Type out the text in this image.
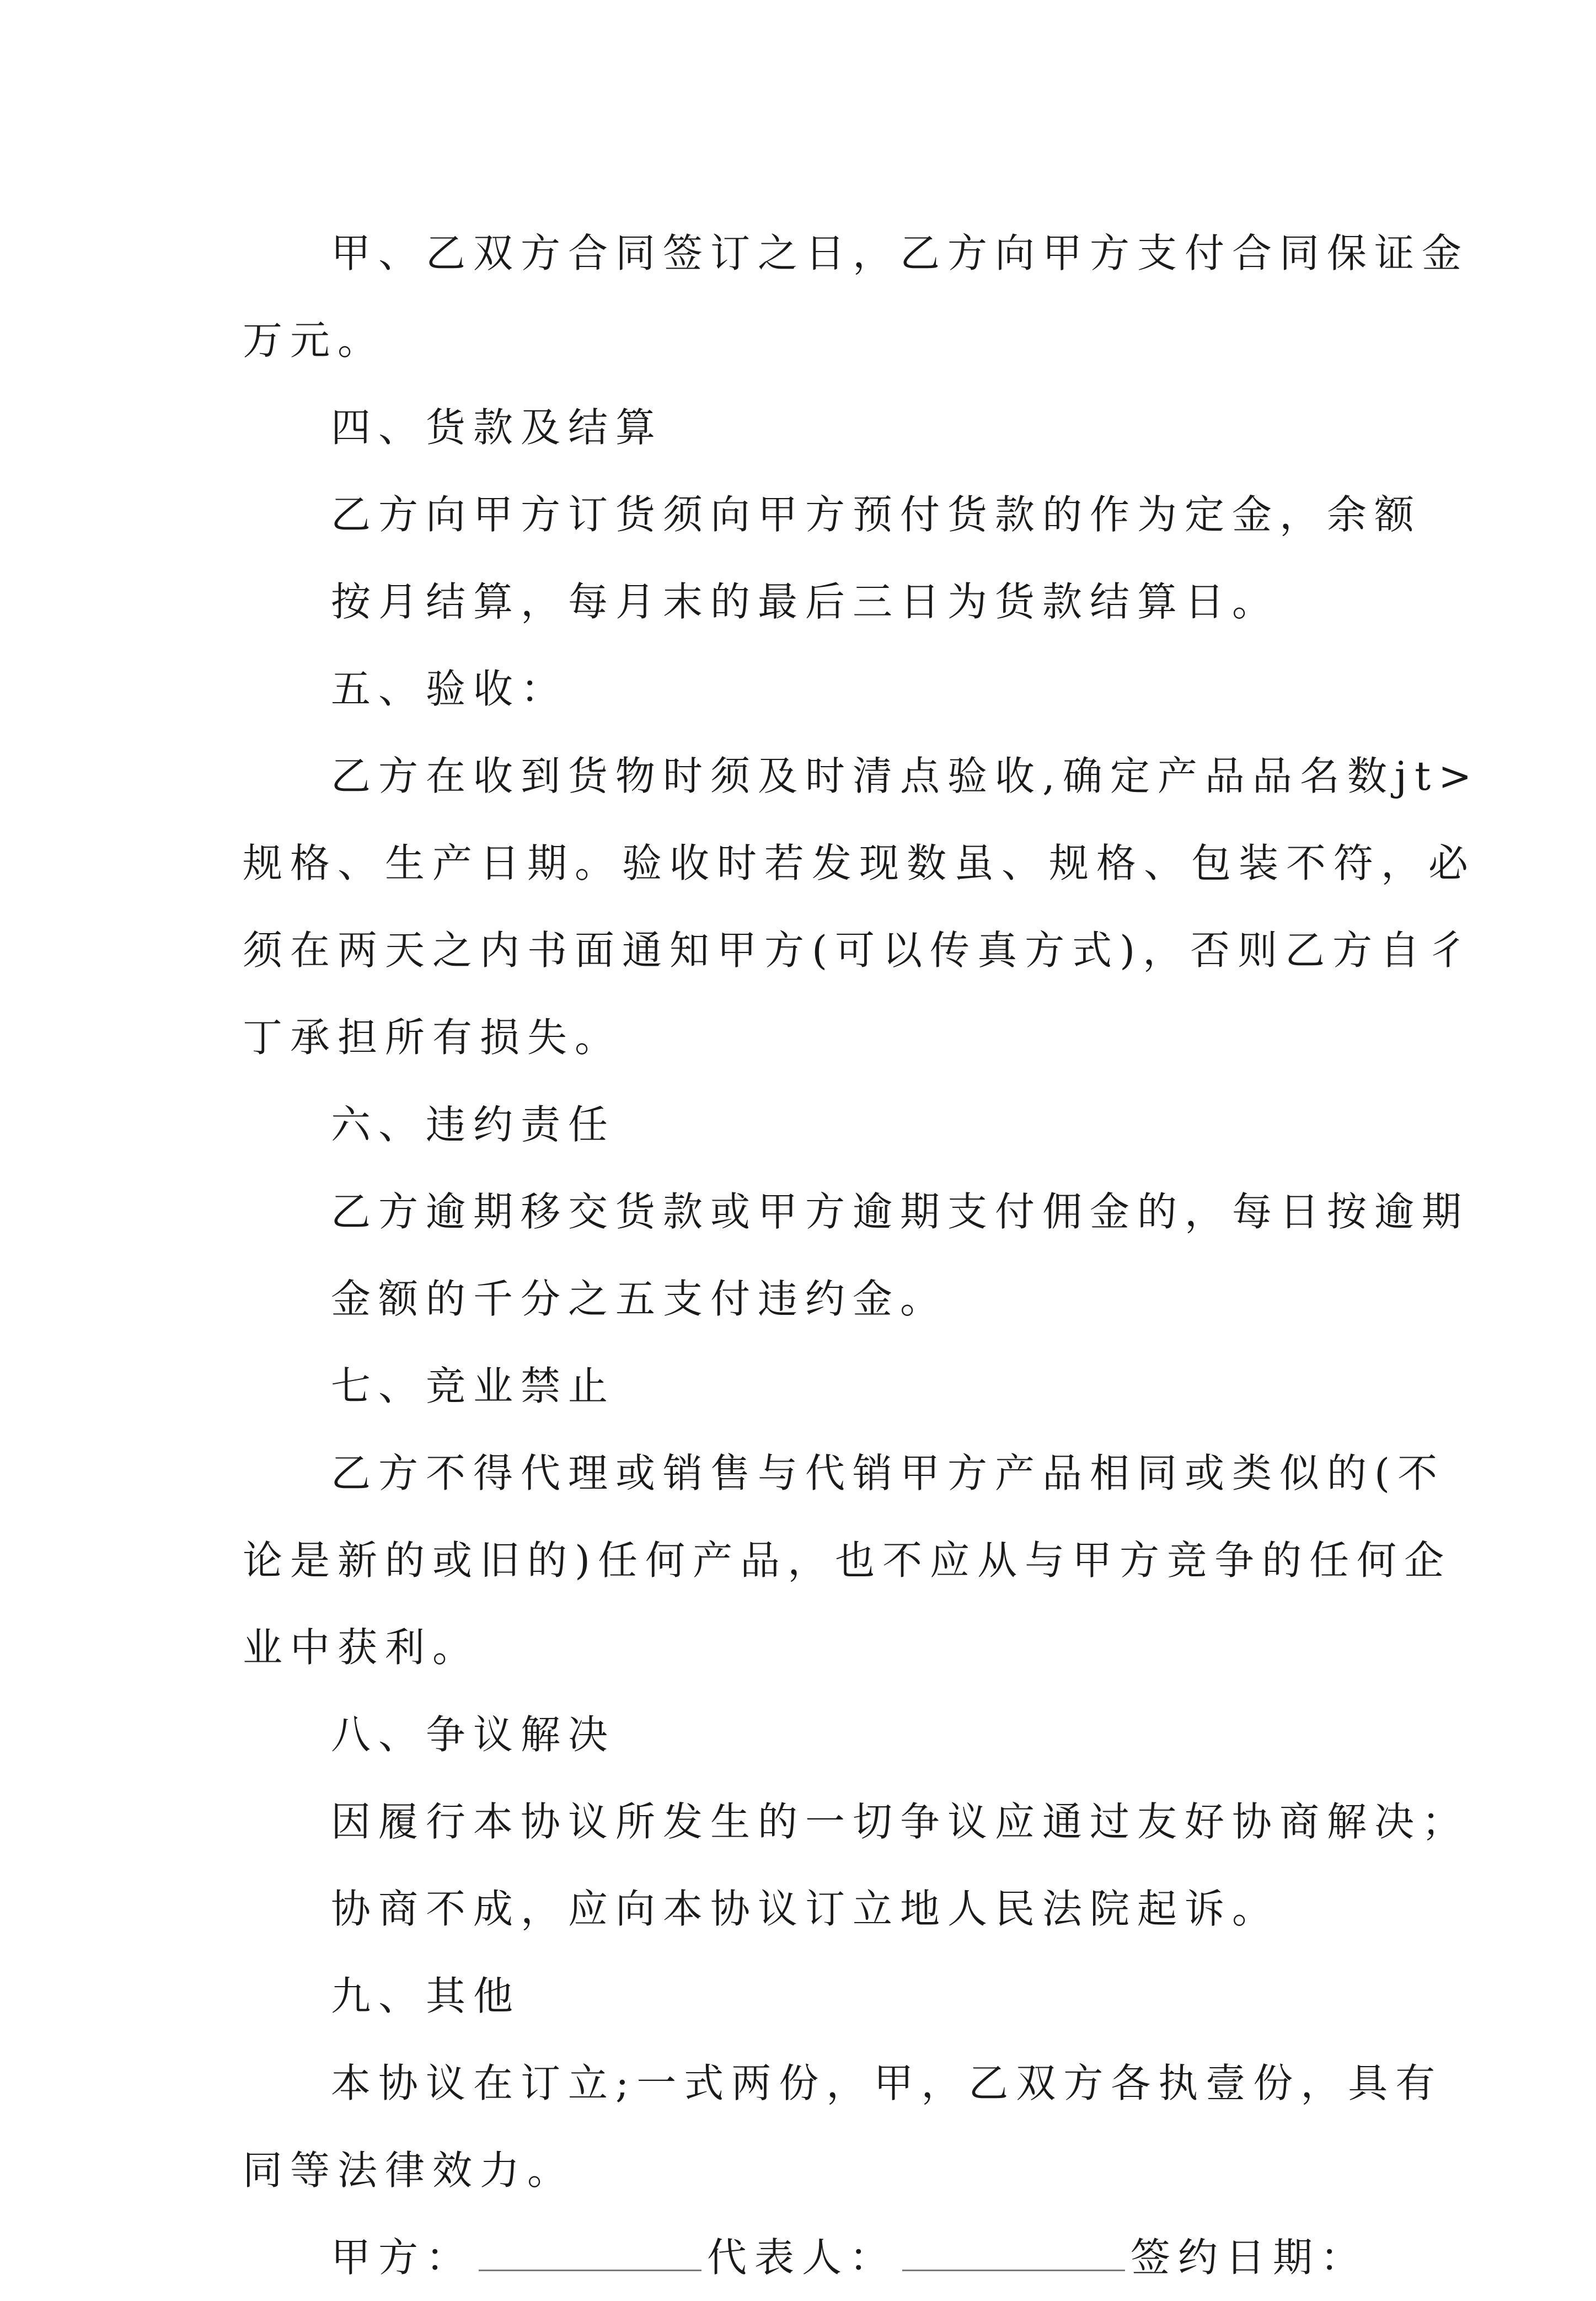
甲、乙双方合同签订之日，乙方向甲方支付合同保证金
万元。
四、货款及结算
乙方向甲方订货须向甲方预付货款的作为定金，余额
按月结算，每月末的最后三日为货款结算日。
五、验收：
乙方在收到货物时须及时清点验收,确定产品品名数jt>
规格、生产日期。验收时若发现数虽、规格、包装不符，必
须在两天之内书面通知甲方(可以传真方式)，否则乙方自彳
丁承担所有损失。
六、违约责任
乙方逾期移交货款或甲方逾期支付佣金的，每日按逾期
金额的千分之五支付违约金。
七、竞业禁止
乙方不得代理或销售与代销甲方产品相同或类似的(不
论是新的或旧的)任何产品，也不应从与甲方竞争的任何企
业中获利。
八、争议解决
因履行本协议所发生的一切争议应通过友好协商解决；
协商不成，应向本协议订立地人民法院起诉。
九、其他
本协议在订立;一式两份，甲，乙双方各执壹份，具有
同等法律效力。
甲方：	代表人：	签约日期：
